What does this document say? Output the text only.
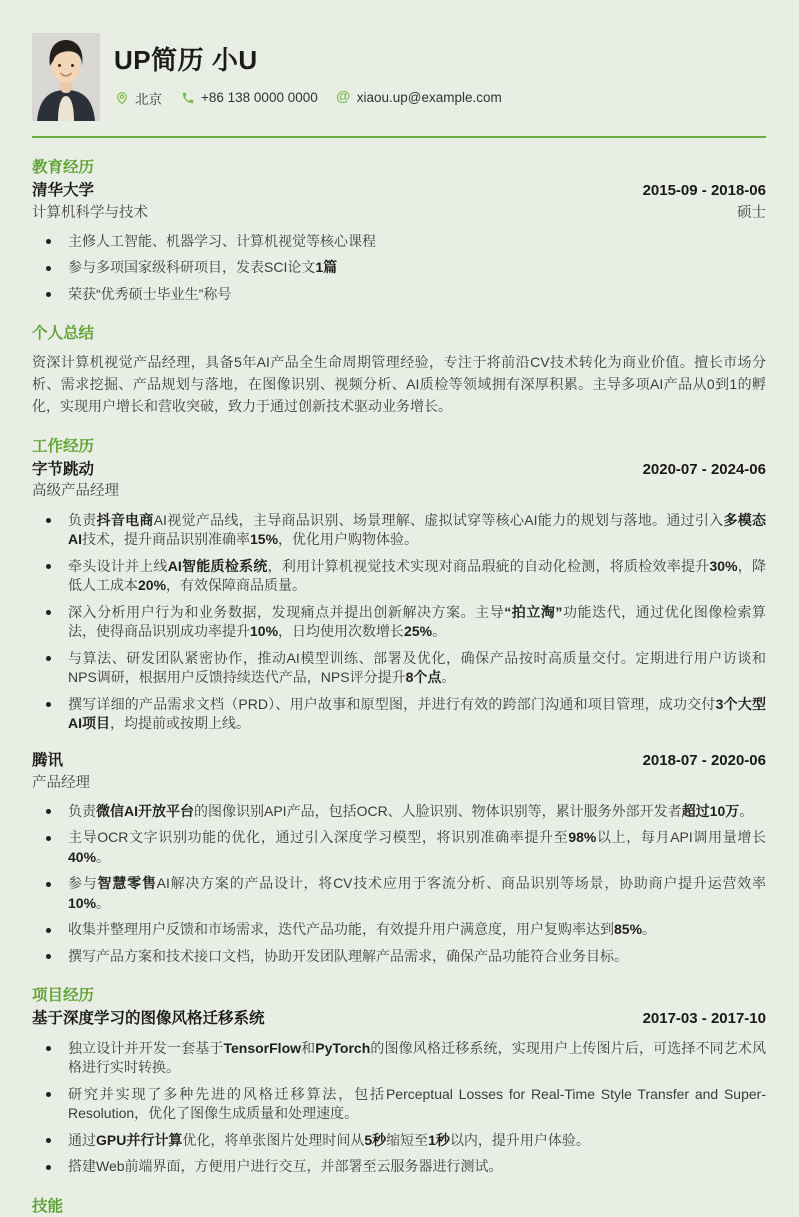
UP简历 小U
北京	+86 138 0000 0000 @ xiaou.up@example.com
教育经历
清华大学	2015-09 - 2018-06
计算机科学与技术	硕士
主修人工智能、机器学习、计算机视觉等核心课程
参与多项国家级科研项目，发表SCI论文1篇
荣获“优秀硕士毕业生”称号
个人总结

资深计算机视觉产品经理，具备5年AI产品全生命周期管理经验，专注于将前沿CV技术转化为商业价值。擅长市场分析、需求挖掘、产品规划与落地，在图像识别、视频分析、AI质检等领域拥有深厚积累。主导多项AI产品从0到1的孵化，实现用户增长和营收突破，致力于通过创新技术驱动业务增长。

工作经历
字节跳动	2020-07 - 2024-06
高级产品经理
负责抖音电商AI视觉产品线，主导商品识别、场景理解、虚拟试穿等核心AI能力的规划与落地。通过引入多模态AI技术，提升商品识别准确率15%，优化用户购物体验。
牵头设计并上线AI智能质检系统，利用计算机视觉技术实现对商品瑕疵的自动化检测，将质检效率提升30%，降低人工成本20%，有效保障商品质量。
深入分析用户行为和业务数据，发现痛点并提出创新解决方案。主导“拍立淘”功能迭代，通过优化图像检索算法，使得商品识别成功率提升10%，日均使用次数增长25%。
与算法、研发团队紧密协作，推动AI模型训练、部署及优化，确保产品按时高质量交付。定期进行用户访谈和NPS调研，根据用户反馈持续迭代产品，NPS评分提升8个点。
撰写详细的产品需求文档（PRD）、用户故事和原型图，并进行有效的跨部门沟通和项目管理，成功交付3个大型AI项目，均提前或按期上线。
腾讯	2018-07 - 2020-06
产品经理
负责微信AI开放平台的图像识别API产品，包括OCR、人脸识别、物体识别等，累计服务外部开发者超过10万。
主导OCR文字识别功能的优化，通过引入深度学习模型，将识别准确率提升至98%以上，每月API调用量增长40%。
参与智慧零售AI解决方案的产品设计，将CV技术应用于客流分析、商品识别等场景，协助商户提升运营效率10%。
收集并整理用户反馈和市场需求，迭代产品功能，有效提升用户满意度，用户复购率达到85%。
撰写产品方案和技术接口文档，协助开发团队理解产品需求，确保产品功能符合业务目标。
项目经历
基于深度学习的图像风格迁移系统	2017-03 - 2017-10
独立设计并开发一套基于TensorFlow和PyTorch的图像风格迁移系统，实现用户上传图片后，可选择不同艺术风格进行实时转换。
研究并实现了多种先进的风格迁移算法，包括Perceptual Losses for Real-Time Style Transfer and Super-Resolution，优化了图像生成质量和处理速度。
通过GPU并行计算优化，将单张图片处理时间从5秒缩短至1秒以内，提升用户体验。
搭建Web前端界面，方便用户进行交互，并部署至云服务器进行测试。
技能
